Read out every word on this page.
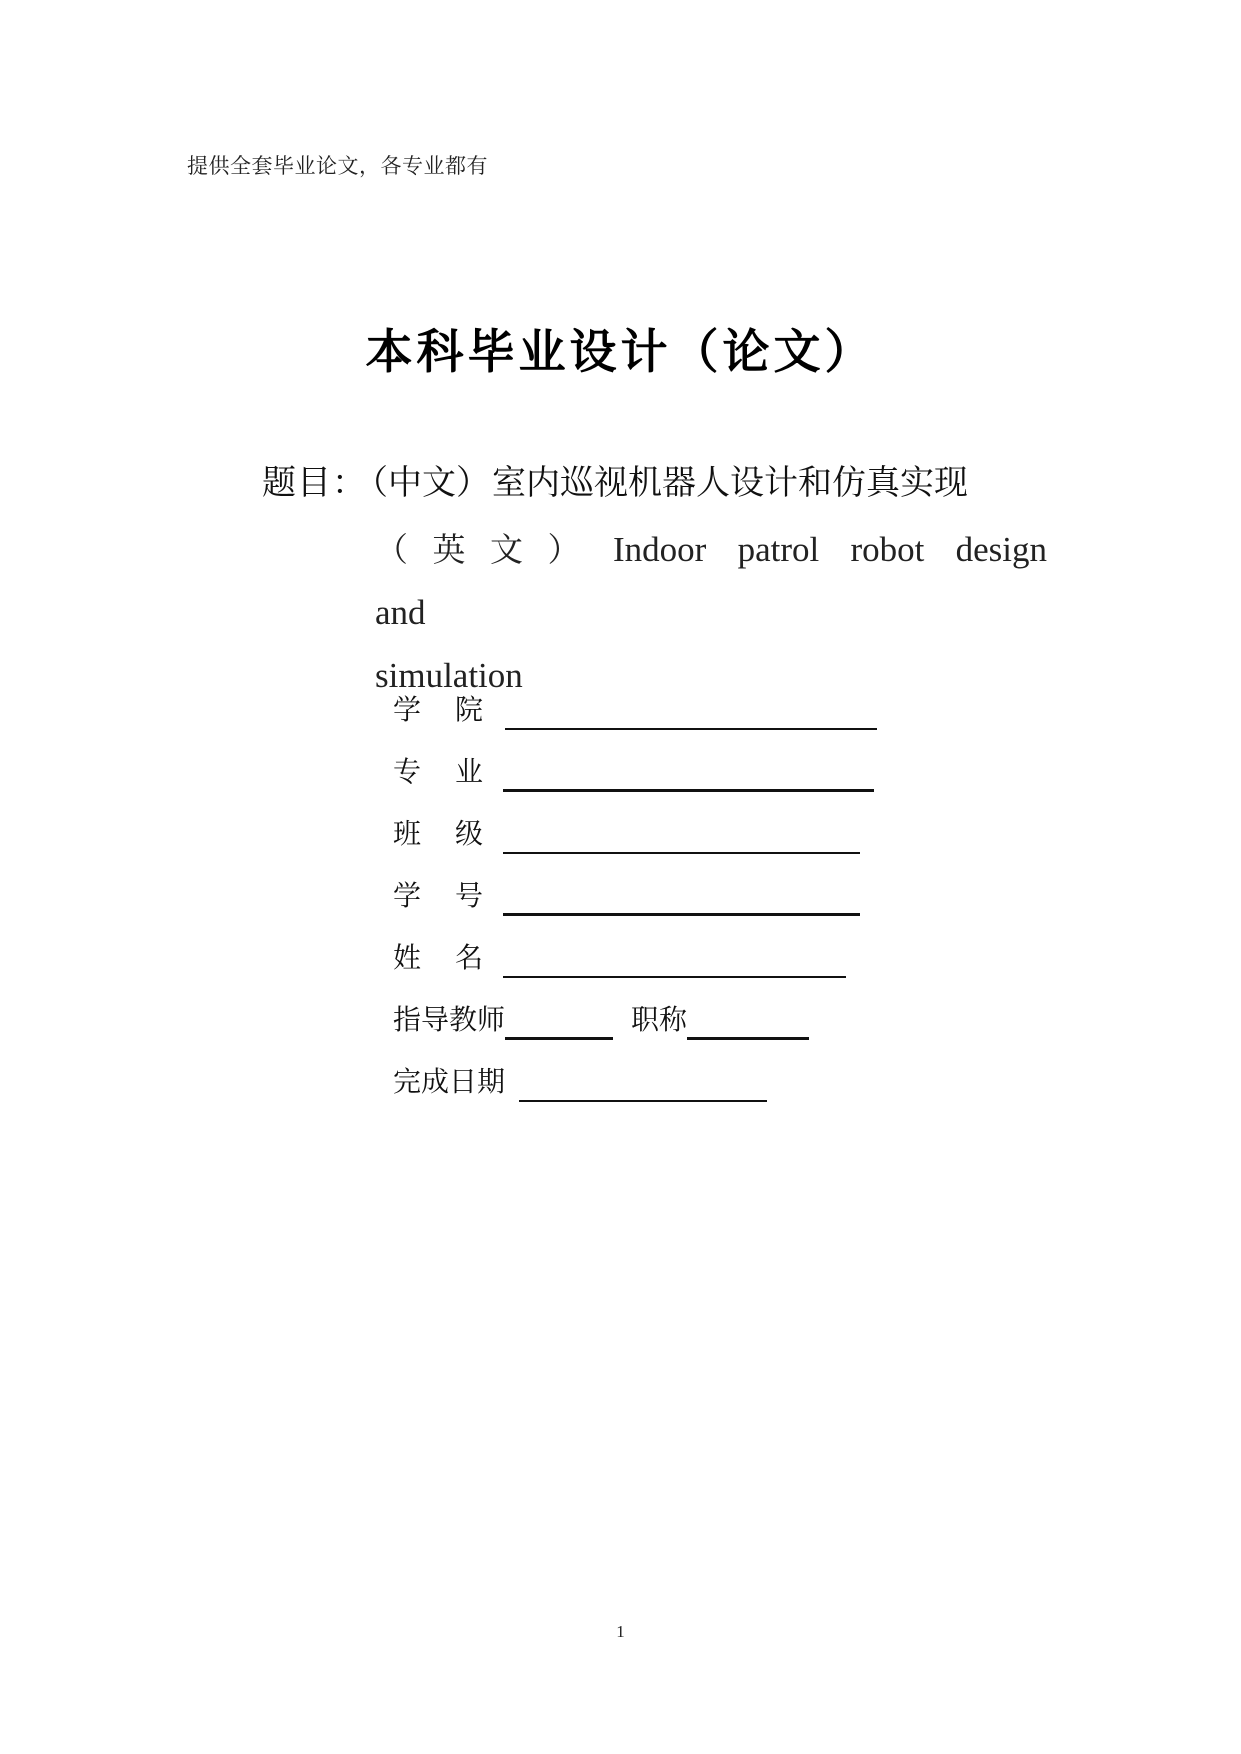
提供全套毕业论文，各专业都有
本科毕业设计（论文）
题目： （中文）室内巡视机器人设计和仿真实现
（英文） Indoor patrol robot design and
simulation
学院
专业
班级
学号
姓名
指导教师	职称
完成日期
1
